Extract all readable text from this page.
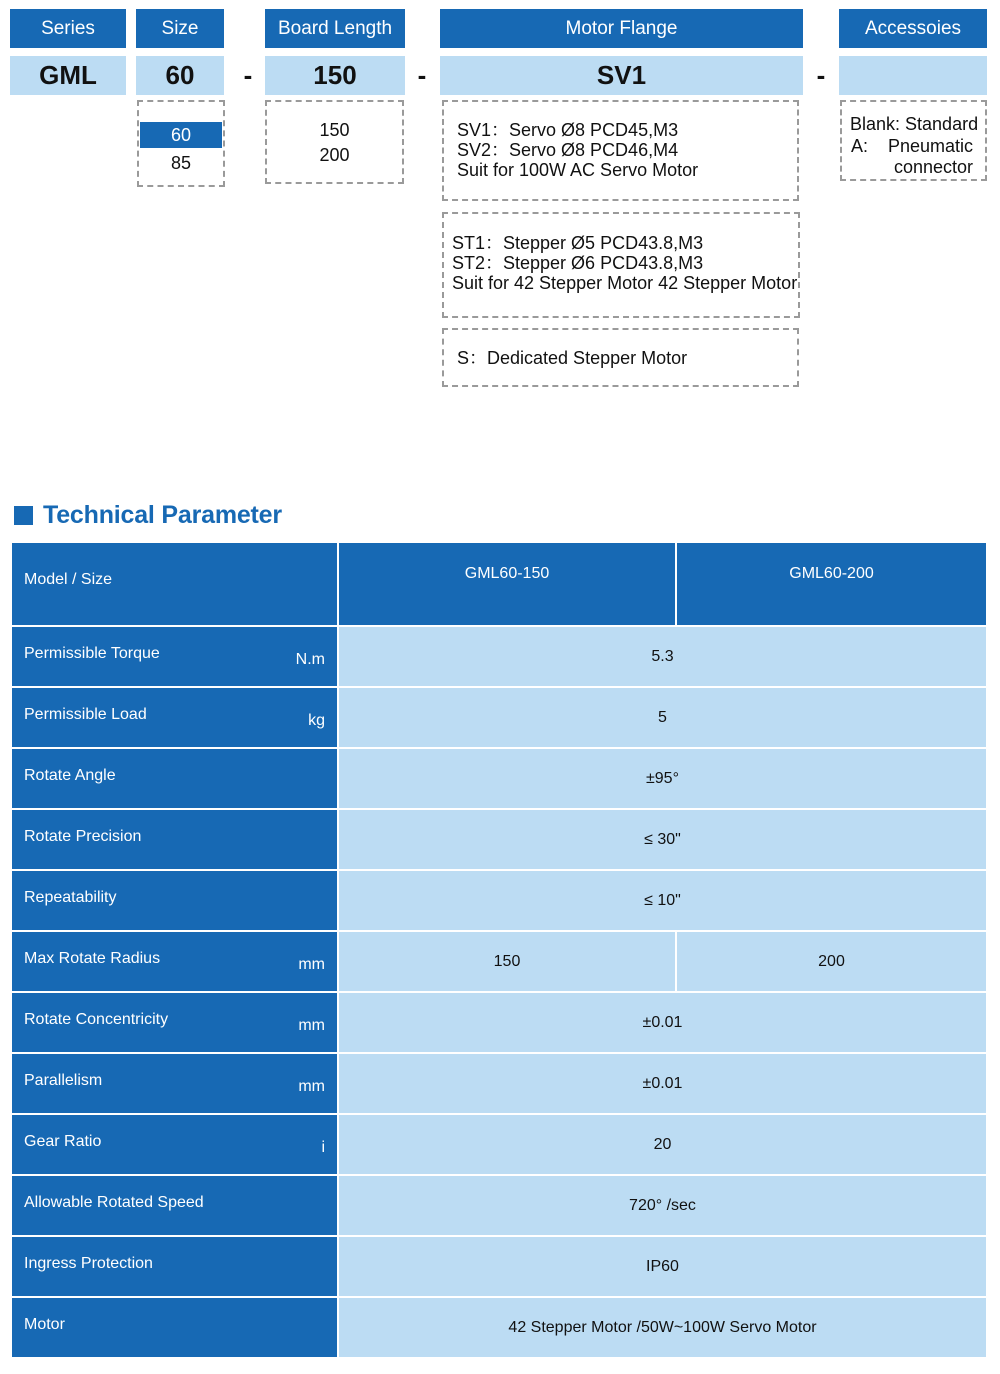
Series	Size	Board Length	Motor Flange	Accessoies
GML	60	-	150	-	SV1	-
60
85
150
200
SV1：Servo Ø8 PCD45,M3
SV2：Servo Ø8 PCD46,M4
Suit for 100W AC Servo Motor
ST1：Stepper Ø5 PCD43.8,M3
ST2：Stepper Ø6 PCD43.8,M3
Suit for 42 Stepper Motor 42 Stepper Motor
S：Dedicated Stepper Motor
Blank: Standard
A: Pneumatic
connector
Technical Parameter
Model / Size	GML60-150	GML60-200

Permissible Torque N.m	5.3	

Permissible Load kg	5	

Rotate Angle	±95°	

Rotate Precision	≤ 30"	

Repeatability	≤ 10"	

Max Rotate Radius mm	150	200

Rotate Concentricity mm	±0.01	

Parallelism mm	±0.01	

Gear Ratio i	20	

Allowable Rotated Speed	720° /sec	

Ingress Protection	IP60	

Motor	42 Stepper Motor /50W~100W Servo Motor	
